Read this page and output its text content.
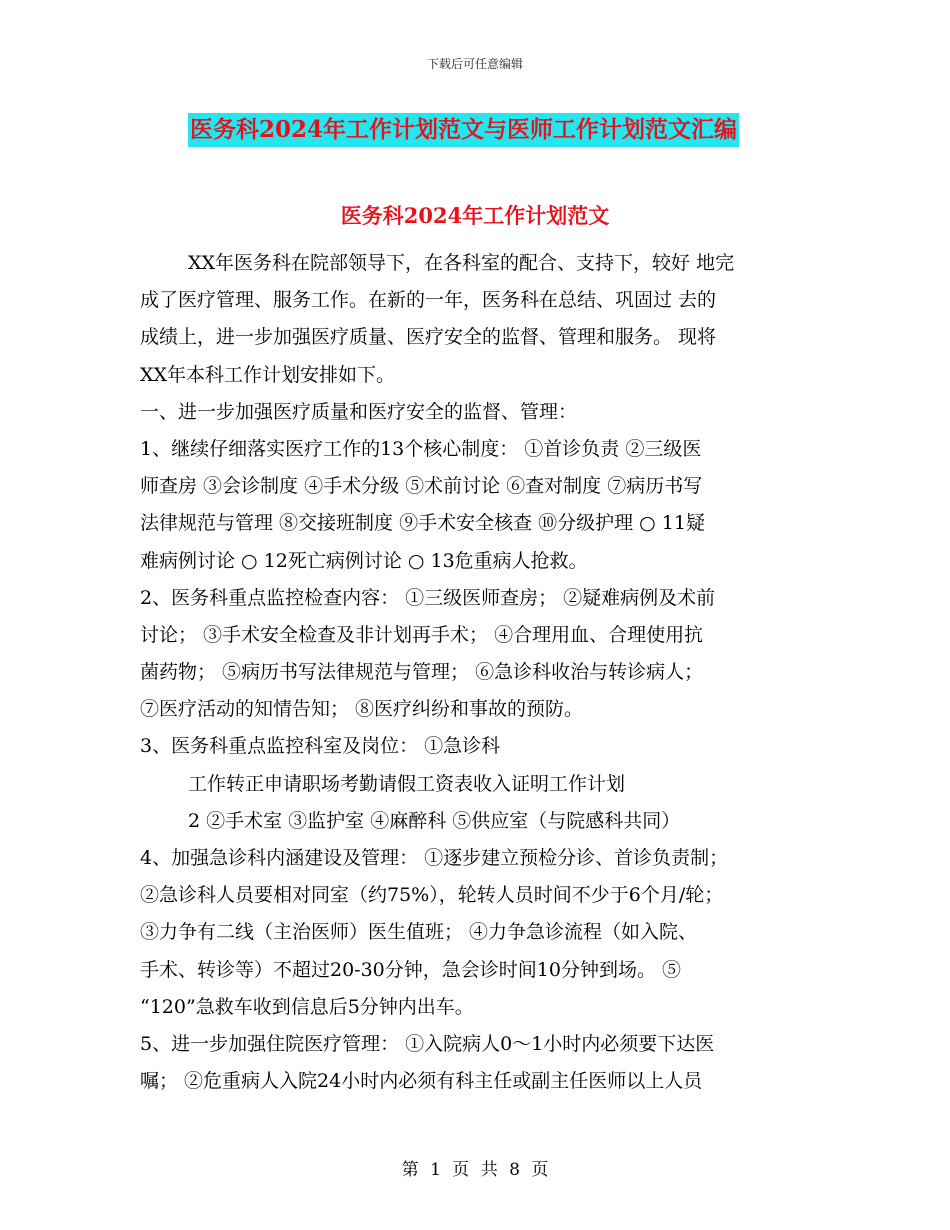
下载后可任意编辑
医务科2024年工作计划范文与医师工作计划范文汇编
医务科2024年工作计划范文
XX年医务科在院部领导下，在各科室的配合、支持下，较好 地完
成了医疗管理、服务工作。在新的一年，医务科在总结、巩固过 去的
成绩上，进一步加强医疗质量、医疗安全的监督、管理和服务。 现将
XX年本科工作计划安排如下。
一、进一步加强医疗质量和医疗安全的监督、管理：
1、继续仔细落实医疗工作的13个核心制度： ①首诊负责 ②三级医
师查房 ③会诊制度 ④手术分级 ⑤术前讨论 ⑥查对制度 ⑦病历书写
法律规范与管理 ⑧交接班制度 ⑨手术安全核查 ⑩分级护理 ○ 11疑
难病例讨论 ○ 12死亡病例讨论 ○ 13危重病人抢救。
2、医务科重点监控检查内容： ①三级医师查房； ②疑难病例及术前
讨论； ③手术安全检查及非计划再手术； ④合理用血、合理使用抗
菌药物； ⑤病历书写法律规范与管理； ⑥急诊科收治与转诊病人；
⑦医疗活动的知情告知； ⑧医疗纠纷和事故的预防。
3、医务科重点监控科室及岗位： ①急诊科
工作转正申请职场考勤请假工资表收入证明工作计划
2 ②手术室 ③监护室 ④麻醉科 ⑤供应室（与院感科共同）
4、加强急诊科内涵建设及管理： ①逐步建立预检分诊、首诊负责制；
②急诊科人员要相对同室（约75%），轮转人员时间不少于6个月/轮；
③力争有二线（主治医师）医生值班； ④力争急诊流程（如入院、
手术、转诊等）不超过20-30分钟，急会诊时间10分钟到场。 ⑤
“120”急救车收到信息后5分钟内出车。
5、进一步加强住院医疗管理： ①入院病人0～1小时内必须要下达医
嘱； ②危重病人入院24小时内必须有科主任或副主任医师以上人员
第 1 页 共 8 页
